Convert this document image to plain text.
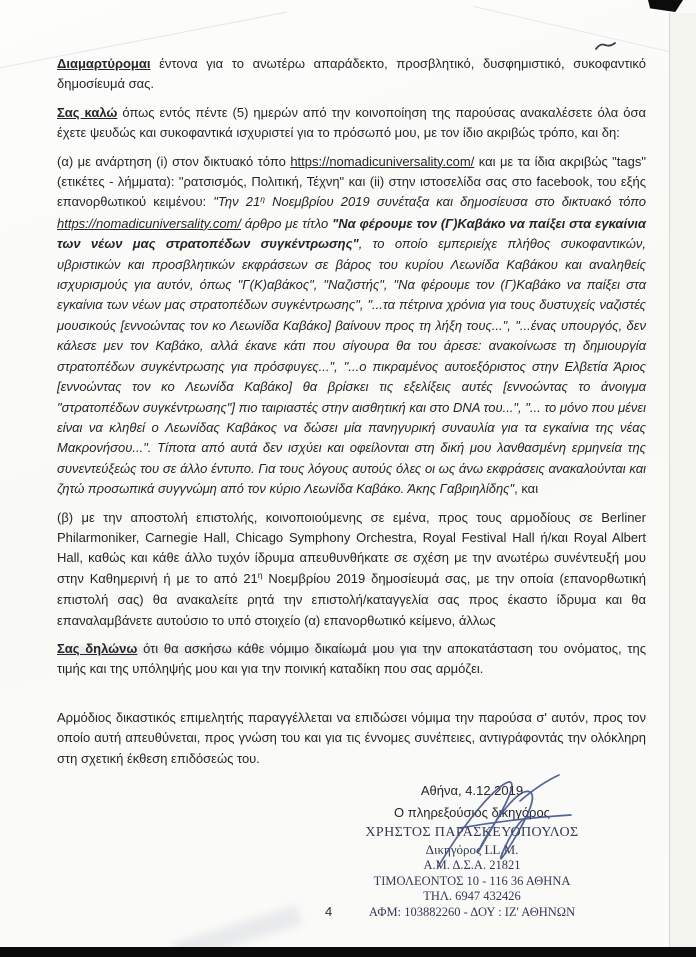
Διαμαρτύρομαι έντονα για το ανωτέρω απαράδεκτο, προσβλητικό, δυσφημιστικό, συκοφαντικό δημοσίευμά σας.

Σας καλώ όπως εντός πέντε (5) ημερών από την κοινοποίηση της παρούσας ανακαλέσετε όλα όσα έχετε ψευδώς και συκοφαντικά ισχυριστεί για το πρόσωπό μου, με τον ίδιο ακριβώς τρόπο, και δη:

(α) με ανάρτηση (i) στον δικτυακό τόπο https://nomadicuniversality.com/ και με τα ίδια ακριβώς "tags" (ετικέτες - λήμματα): "ρατσισμός, Πολιτική, Τέχνη" και (ii) στην ιστοσελίδα σας στο facebook, του εξής επανορθωτικού κειμένου: "Την $21^\eta$ Νοεμβρίου 2019 συνέταξα και δημοσίευσα στο δικτυακό τόπο https://nomadicuniversality.com/ άρθρο με τίτλο "Να φέρουμε τον (Γ)Καβάκο να παίξει στα εγκαίνια των νέων μας στρατοπέδων συγκέντρωσης", το οποίο εμπεριείχε πλήθος συκοφαντικών, υβριστικών και προσβλητικών εκφράσεων σε βάρος του κυρίου Λεωνίδα Καβάκου και αναληθείς ισχυρισμούς για αυτόν, όπως "Γ(Κ)αβάκος", "Ναζιστής", "Να φέρουμε τον (Γ)Καβάκο να παίξει στα εγκαίνια των νέων μας στρατοπέδων συγκέντρωσης", "...τα πέτρινα χρόνια για τους δυστυχείς ναζιστές μουσικούς [εννοώντας τον κο Λεωνίδα Καβάκο] βαίνουν προς τη λήξη τους...", "...ένας υπουργός, δεν κάλεσε μεν τον Καβάκο, αλλά έκανε κάτι που σίγουρα θα του άρεσε: ανακοίνωσε τη δημιουργία στρατοπέδων συγκέντρωσης για πρόσφυγες...", "...ο πικραμένος αυτοεξόριστος στην Ελβετία Άριος [εννοώντας τον κο Λεωνίδα Καβάκο] θα βρίσκει τις εξελίξεις αυτές [εννοώντας το άνοιγμα "στρατοπέδων συγκέντρωσης"] πιο ταιριαστές στην αισθητική και στο DNA του...", "... το μόνο που μένει είναι να κληθεί ο Λεωνίδας Καβάκος να δώσει μία πανηγυρική συναυλία για τα εγκαίνια της νέας Μακρονήσου...". Τίποτα από αυτά δεν ισχύει και οφείλονται στη δική μου λανθασμένη ερμηνεία της συνεντεύξεώς του σε άλλο έντυπο. Για τους λόγους αυτούς όλες οι ως άνω εκφράσεις ανακαλούνται και ζητώ προσωπικά συγγνώμη από τον κύριο Λεωνίδα Καβάκο. Άκης Γαβριηλίδης", και

(β) με την αποστολή επιστολής, κοινοποιούμενης σε εμένα, προς τους αρμοδίους σε Berliner Philarmoniker, Carnegie Hall, Chicago Symphony Orchestra, Royal Festival Hall ή/και Royal Albert Hall, καθώς και κάθε άλλο τυχόν ίδρυμα απευθυνθήκατε σε σχέση με την ανωτέρω συνέντευξή μου στην Καθημερινή ή με το από $21^\eta$ Νοεμβρίου 2019 δημοσίευμά σας, με την οποία (επανορθωτική επιστολή σας) θα ανακαλείτε ρητά την επιστολή/καταγγελία σας προς έκαστο ίδρυμα και θα επαναλαμβάνετε αυτούσιο το υπό στοιχείο (α) επανορθωτικό κείμενο, άλλως

Σας δηλώνω ότι θα ασκήσω κάθε νόμιμο δικαίωμά μου για την αποκατάσταση του ονόματος, της τιμής και της υπόληψής μου και για την ποινική καταδίκη που σας αρμόζει.

Αρμόδιος δικαστικός επιμελητής παραγγέλλεται να επιδώσει νόμιμα την παρούσα σ' αυτόν, προς τον οποίο αυτή απευθύνεται, προς γνώση του και για τις έννομες συνέπειες, αντιγράφοντάς την ολόκληρη στη σχετική έκθεση επιδόσεώς του.

Αθήνα, 4.12.2019
Ο πληρεξούσιος δικηγόρος
ΧΡΗΣΤΟΣ ΠΑΡΑΣΚΕΥΟΠΟΥΛΟΣ
Δικηγόρος LL.M.
Α.Μ. Δ.Σ.Α. 21821
ΤΙΜΟΛΕΟΝΤΟΣ 10 - 116 36 ΑΘΗΝΑ
ΤΗΛ. 6947 432426
ΑΦΜ: 103882260 - ΔΟΥ : ΙΖ' ΑΘΗΝΩΝ
4
